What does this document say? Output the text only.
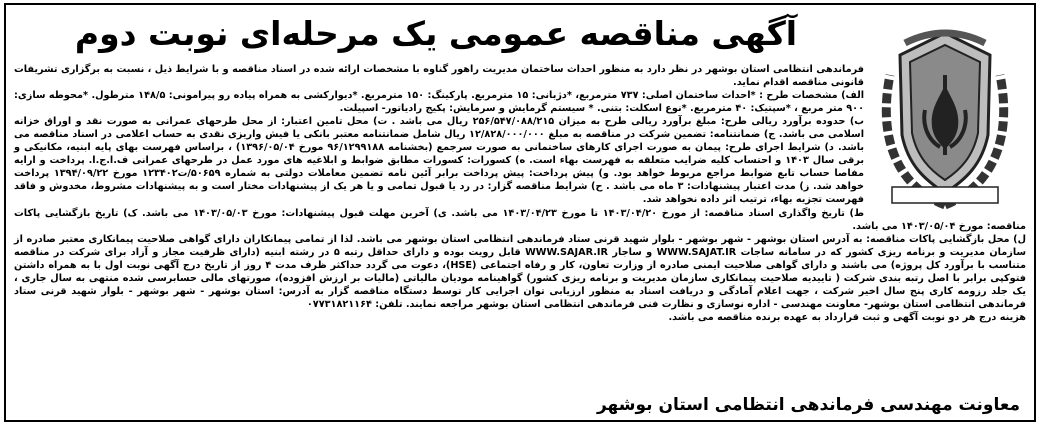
آگهی مناقصه عمومی یک مرحله‌ای نوبت دوم

فرماندهی انتظامی استان بوشهر در نظر دارد به منظور احداث ساختمان مدیریت راهور گناوه با مشخصات ارائه شده در اسناد مناقصه و با شرایط ذیل ، نسبت به برگزاری تشریفات قانونی مناقصه اقدام نماید.

الف) مشخصات طرح : *احداث ساختمان اصلی: ۷۳۷ مترمربع، *دژبانی: ۱۵ مترمربع. پارکینگ: ۱۵۰ مترمربع. *دیوارکشی به همراه پیاده رو پیرامونی: ۱۴۸/۵ مترطول. *محوطه سازی: ۹۰۰ متر مربع ، *سپتیک: ۴۰ مترمربع. *نوع اسکلت: بتنی. * سیستم گرمایش و سرمایش: پکیج رادیاتور- اسپیلت.

ب) حدوده برآورد ریالی طرح: مبلغ برآورد ریالی طرح به میزان ۲۵۶/۵۴۷/۰۸۸/۲۱۵ ریال می باشد . ت) محل تامین اعتبار: از محل طرحهای عمرانی به صورت نقد و اوراق خزانه اسلامی می باشد. ج) ضمانتنامه: تضمین شرکت در مناقصه به مبلغ ۱۲/۸۲۸/۰۰۰/۰۰۰ ریال شامل ضمانتنامه معتبر بانکی یا فیش واریزی نقدی به حساب اعلامی در اسناد مناقصه می باشد. د) شرایط اجرای طرح: پیمان به صورت اجرای کارهای ساختمانی به صورت سرجمع (بخشنامه ۹۶/۱۲۹۹۱۸۸ مورخ ۱۳۹۶/۰۵/۰۴) ، براساس فهرست بهای پایه ابنیه، مکانیکی و برقی سال ۱۴۰۳ و احتساب کلیه ضرایب متعلقه به فهرست بهاء است. ه) کسورات: کسورات مطابق ضوابط و ابلاغیه های مورد عمل در طرحهای عمرانی ف.ا.ج.ا. پرداخت و ارایه مفاصا حساب تابع ضوابط مراجع مربوط خواهد بود. و) پیش پرداخت: پیش پرداخت برابر آئین نامه تضمین معاملات دولتی به شماره ۵۰۶۵۹/ت۱۲۳۴۰۲ مورخ ۱۳۹۴/۰۹/۲۲ پرداخت خواهد شد. ز) مدت اعتبار پیشنهادات: ۳ ماه می باشد . ح) شرایط مناقصه گزار: در رد یا قبول تمامی و یا هر یک از پیشنهادات مختار است و به پیشنهادات مشروط، مخدوش و فاقد فهرست تجزیه بهاء، ترتیب اثر داده نخواهد شد.

ط) تاریخ واگذاری اسناد مناقصه: از مورخ ۱۴۰۳/۰۴/۲۰ تا مورخ ۱۴۰۳/۰۴/۲۳ می باشد. ی) آخرین مهلت قبول پیشنهادات: مورخ ۱۴۰۳/۰۵/۰۳ می باشد. ک) تاریخ بازگشایی پاکات مناقصه: مورخ ۱۴۰۳/۰۵/۰۴ می باشد.

ل) محل بازگشایی پاکات مناقصه: به آدرس استان بوشهر - شهر بوشهر - بلوار شهید قرنی ستاد فرماندهی انتظامی استان بوشهر می باشد. لذا از تمامی پیمانکاران دارای گواهی صلاحیت پیمانکاری معتبر صادره از سازمان مدیریت و برنامه ریزی کشور که در سامانه ساجات WWW.SAJAT.IR و ساجار WWW.SAJAR.IR قابل رویت بوده و دارای حداقل رتبه ۵ در رشته ابنیه (دارای ظرفیت مجاز و آزاد برای شرکت در مناقصه متناسب با برآورد کل پروژه) می باشند و دارای گواهی صلاحیت ایمنی صادره از وزارت تعاون، کار و رفاه اجتماعی (HSE)، دعوت می گردد حداکثر ظرف مدت ۴ روز از تاریخ درج آگهی نوبت اول با به همراه داشتن فتوکپی برابر با اصل رتبه بندی شرکت ( تاییدیه صلاحیت پیمانکاری سازمان مدیریت و برنامه ریزی کشور) گواهینامه مودیان مالیاتی (مالیات بر ارزش افزوده)، صورتهای مالی حسابرسی شده منتهی به سال جاری ، یک جلد رزومه کاری پنج سال اخیر شرکت ، جهت اعلام آمادگی و دریافت اسناد به منظور ارزیابی توان اجرایی کار توسط دستگاه مناقصه گزار به آدرس: استان بوشهر - شهر بوشهر - بلوار شهید قرنی ستاد فرماندهی انتظامی استان بوشهر- معاونت مهندسی - اداره نوسازی و نظارت فنی فرماندهی انتظامی استان بوشهر مراجعه نمایند. تلفن: ۰۷۷۳۱۸۲۱۱۶۴

هزینه درج هر دو نوبت آگهی و ثبت قرارداد به عهده برنده مناقصه می باشد.

معاونت مهندسی فرماندهی انتظامی استان بوشهر
